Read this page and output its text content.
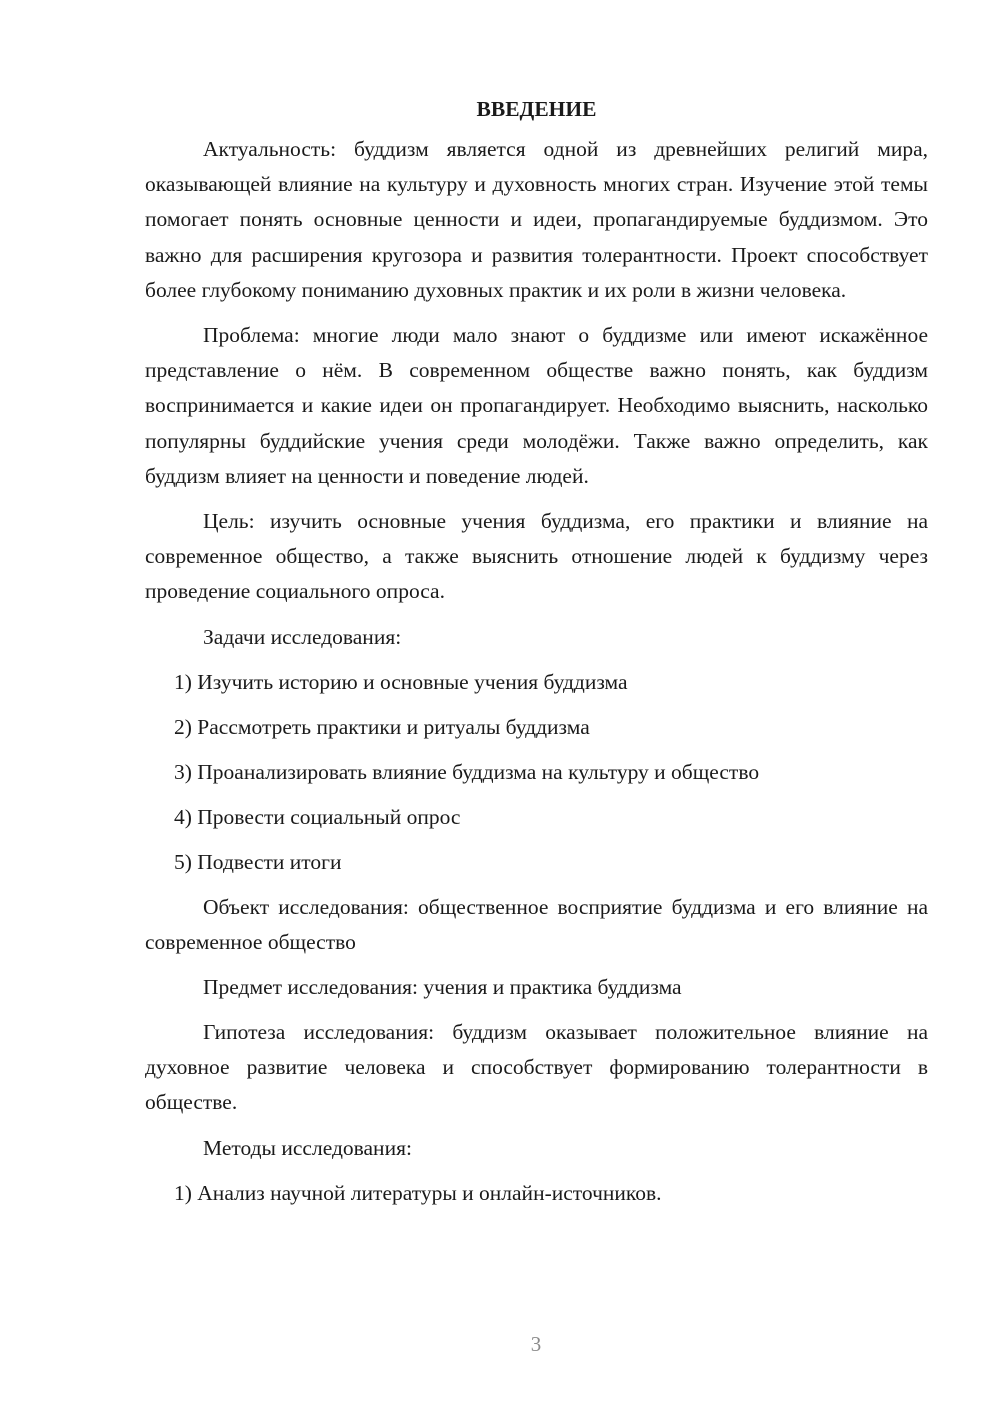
ВВЕДЕНИЕ

Актуальность: буддизм является одной из древнейших религий мира, оказывающей влияние на культуру и духовность многих стран. Изучение этой темы помогает понять основные ценности и идеи, пропагандируемые буддизмом. Это важно для расширения кругозора и развития толерантности. Проект способствует более глубокому пониманию духовных практик и их роли в жизни человека.

Проблема: многие люди мало знают о буддизме или имеют искажённое представление о нём. В современном обществе важно понять, как буддизм воспринимается и какие идеи он пропагандирует. Необходимо выяснить, насколько популярны буддийские учения среди молодёжи. Также важно определить, как буддизм влияет на ценности и поведение людей.

Цель: изучить основные учения буддизма, его практики и влияние на современное общество, а также выяснить отношение людей к буддизму через проведение социального опроса.

Задачи исследования:
1) Изучить историю и основные учения буддизма
2) Рассмотреть практики и ритуалы буддизма
3) Проанализировать влияние буддизма на культуру и общество
4) Провести социальный опрос
5) Подвести итоги

Объект исследования: общественное восприятие буддизма и его влияние на современное общество

Предмет исследования: учения и практика буддизма

Гипотеза исследования: буддизм оказывает положительное влияние на духовное развитие человека и способствует формированию толерантности в обществе.

Методы исследования:
1) Анализ научной литературы и онлайн-источников.
3
